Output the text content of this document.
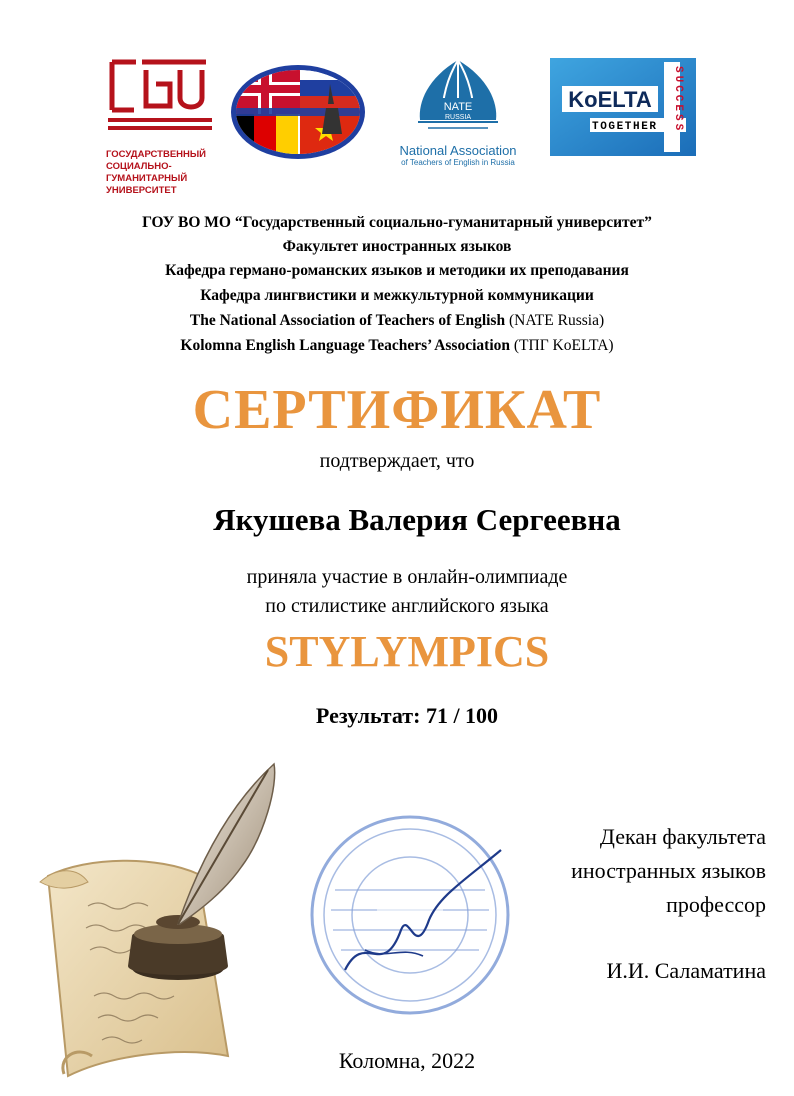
ГОСУДАРСТВЕННЫЙ
СОЦИАЛЬНО-
ГУМАНИТАРНЫЙ
УНИВЕРСИТЕТ
NATE
RUSSIA
National Association
of Teachers of English in Russia
KoELTA
TOGETHER SUCCESS
ГОУ ВО МО “Государственный социально-гуманитарный университет”
Факультет иностранных языков
Кафедра германо-романских языков и методики их преподавания
Кафедра лингвистики и межкультурной коммуникации
The National Association of Teachers of English (NATE Russia)
Kolomna English Language Teachers’ Association (ТПГ KoELTA)
СЕРТИФИКАТ
подтверждает, что
Якушева Валерия Сергеевна
приняла участие в онлайн-олимпиаде
по стилистике английского языка
STYLYMPICS
Результат: 71 / 100
Декан факультета
иностранных языков
профессор
И.И. Саламатина
Коломна, 2022
